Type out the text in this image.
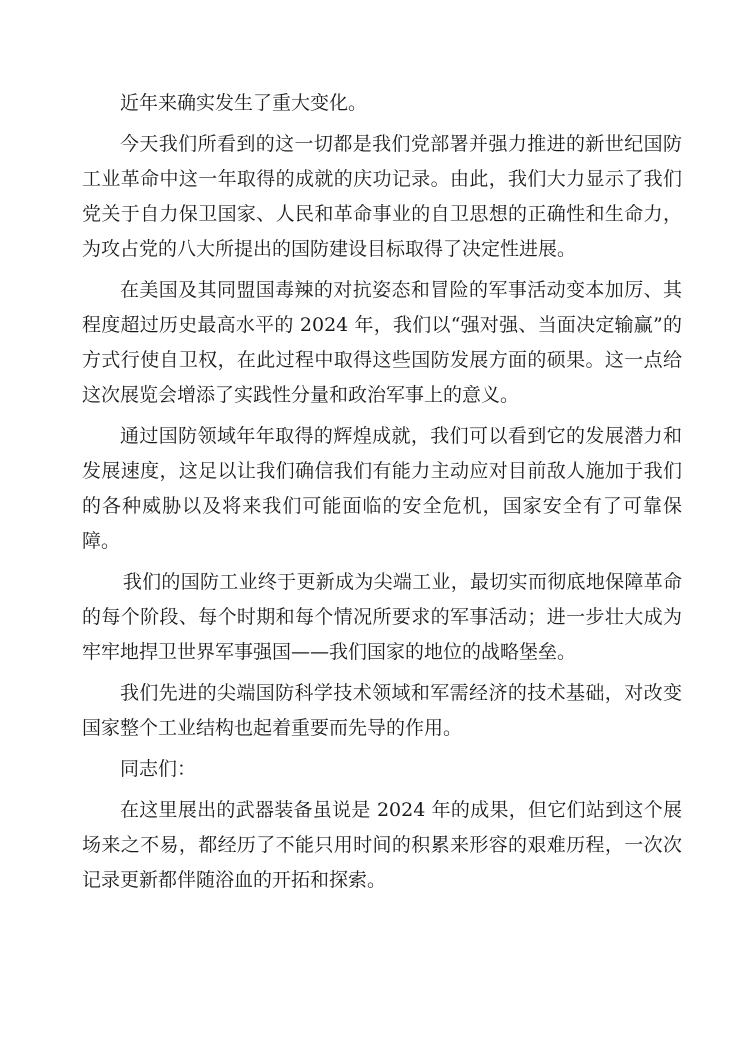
近年来确实发生了重大变化。

今天我们所看到的这一切都是我们党部署并强力推进的新世纪国防工业革命中这一年取得的成就的庆功记录。由此，我们大力显示了我们党关于自力保卫国家、人民和革命事业的自卫思想的正确性和生命力，为攻占党的八大所提出的国防建设目标取得了决定性进展。

在美国及其同盟国毒辣的对抗姿态和冒险的军事活动变本加厉、其程度超过历史最高水平的 2024 年，我们以“强对强、当面决定输赢”的方式行使自卫权，在此过程中取得这些国防发展方面的硕果。这一点给这次展览会增添了实践性分量和政治军事上的意义。

通过国防领域年年取得的辉煌成就，我们可以看到它的发展潜力和发展速度，这足以让我们确信我们有能力主动应对目前敌人施加于我们的各种威胁以及将来我们可能面临的安全危机，国家安全有了可靠保障。

我们的国防工业终于更新成为尖端工业，最切实而彻底地保障革命的每个阶段、每个时期和每个情况所要求的军事活动；进一步壮大成为牢牢地捍卫世界军事强国——我们国家的地位的战略堡垒。

我们先进的尖端国防科学技术领域和军需经济的技术基础，对改变国家整个工业结构也起着重要而先导的作用。

同志们：

在这里展出的武器装备虽说是 2024 年的成果，但它们站到这个展场来之不易，都经历了不能只用时间的积累来形容的艰难历程，一次次记录更新都伴随浴血的开拓和探索。
